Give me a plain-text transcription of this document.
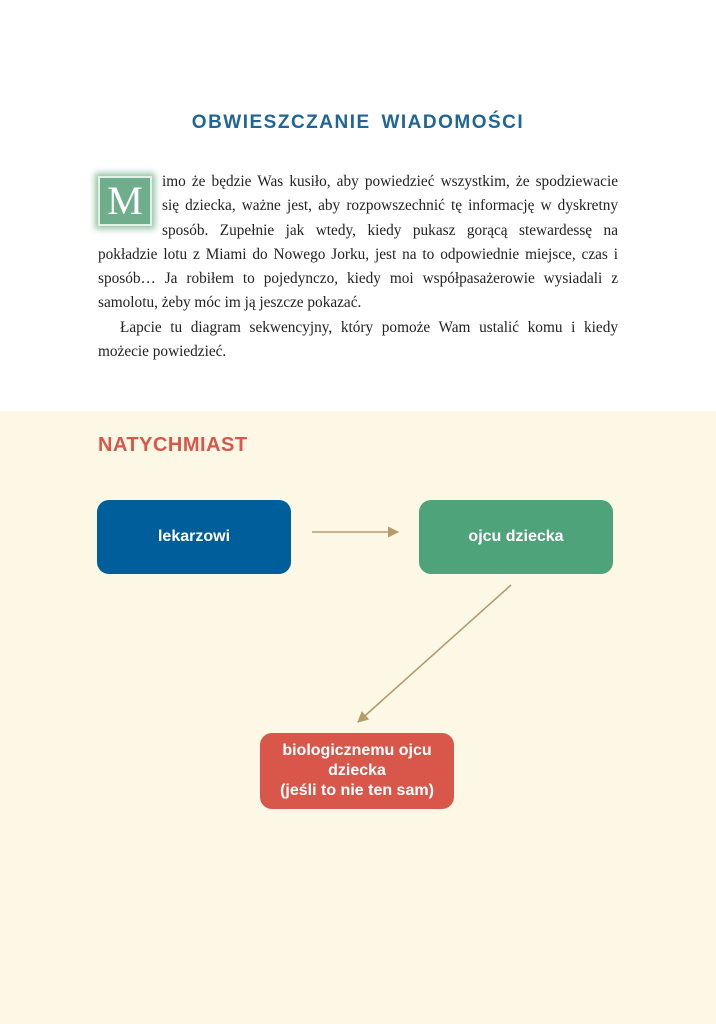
OBWIESZCZANIE WIADOMOŚCI

M	imo że będzie Was kusiło, aby powiedzieć wszystkim, że spodziewacie się dziecka, ważne jest, aby rozpowszechnić tę informację w dyskretny sposób. Zupełnie jak wtedy, kiedy pukasz gorącą stewardessę na pokładzie lotu z Miami do Nowego Jorku, jest na to odpowiednie miejsce, czas i sposób… Ja robiłem to pojedynczo, kiedy moi współpasażerowie wysiadali z samolotu, żeby móc im ją jeszcze pokazać.

Łapcie tu diagram sekwencyjny, który pomoże Wam ustalić komu i kiedy możecie powiedzieć.

NATYCHMIAST
lekarzowi	ojcu dziecka
biologicznemu ojcu
dziecka
(jeśli to nie ten sam)
